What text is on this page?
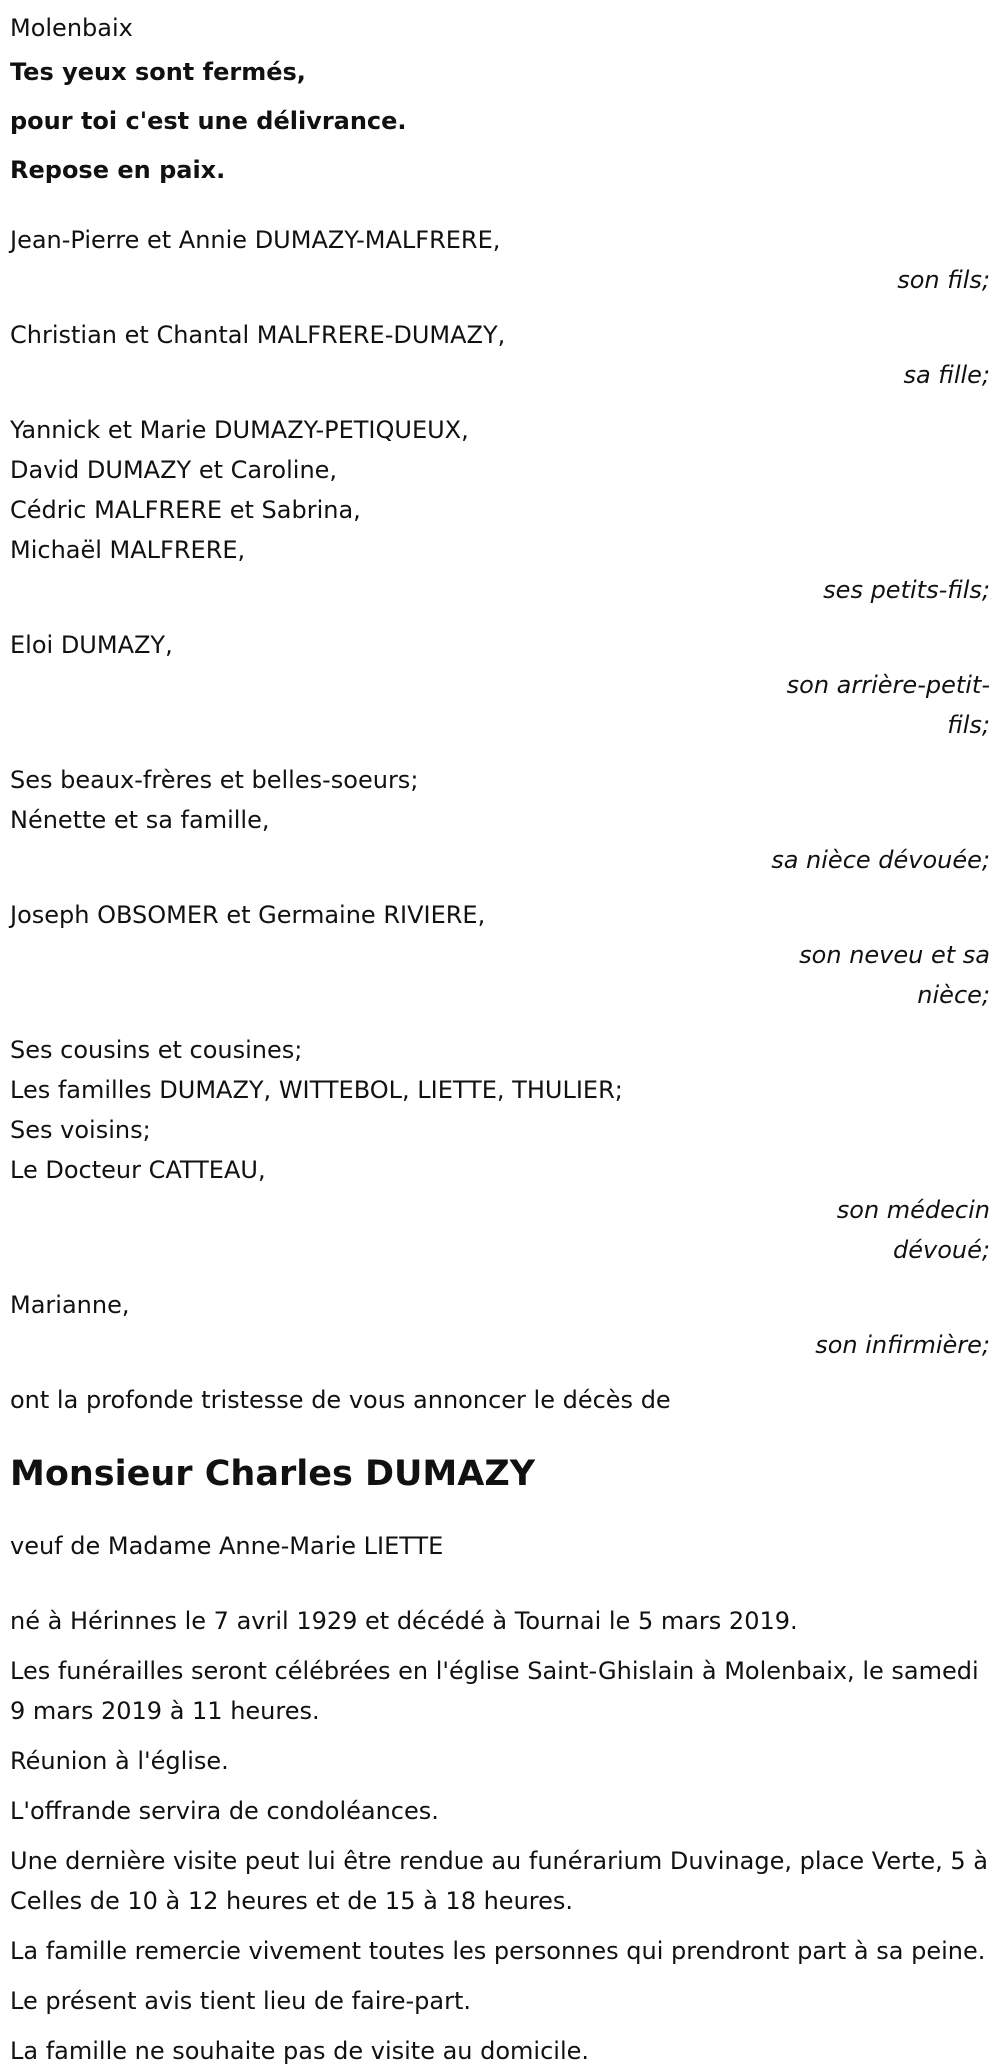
Molenbaix
Tes yeux sont fermés,
pour toi c'est une délivrance.
Repose en paix.
Jean-Pierre et Annie DUMAZY-MALFRERE,
son fils;
Christian et Chantal MALFRERE-DUMAZY,
sa fille;
Yannick et Marie DUMAZY-PETIQUEUX,
David DUMAZY et Caroline,
Cédric MALFRERE et Sabrina,
Michaël MALFRERE,
ses petits-fils;
Eloi DUMAZY,
son arrière-petit-fils;
Ses beaux-frères et belles-soeurs;
Nénette et sa famille,
sa nièce dévouée;
Joseph OBSOMER et Germaine RIVIERE,
son neveu et sa nièce;
Ses cousins et cousines;
Les familles DUMAZY, WITTEBOL, LIETTE, THULIER;
Ses voisins;
Le Docteur CATTEAU,
son médecin dévoué;
Marianne,
son infirmière;
ont la profonde tristesse de vous annoncer le décès de
Monsieur Charles DUMAZY
veuf de Madame Anne-Marie LIETTE
né à Hérinnes le 7 avril 1929 et décédé à Tournai le 5 mars 2019.
Les funérailles seront célébrées en l'église Saint-Ghislain à Molenbaix, le samedi 9 mars 2019 à 11 heures.
Réunion à l'église.
L'offrande servira de condoléances.
Une dernière visite peut lui être rendue au funérarium Duvinage, place Verte, 5 à Celles de 10 à 12 heures et de 15 à 18 heures.
La famille remercie vivement toutes les personnes qui prendront part à sa peine.
Le présent avis tient lieu de faire-part.
La famille ne souhaite pas de visite au domicile.
